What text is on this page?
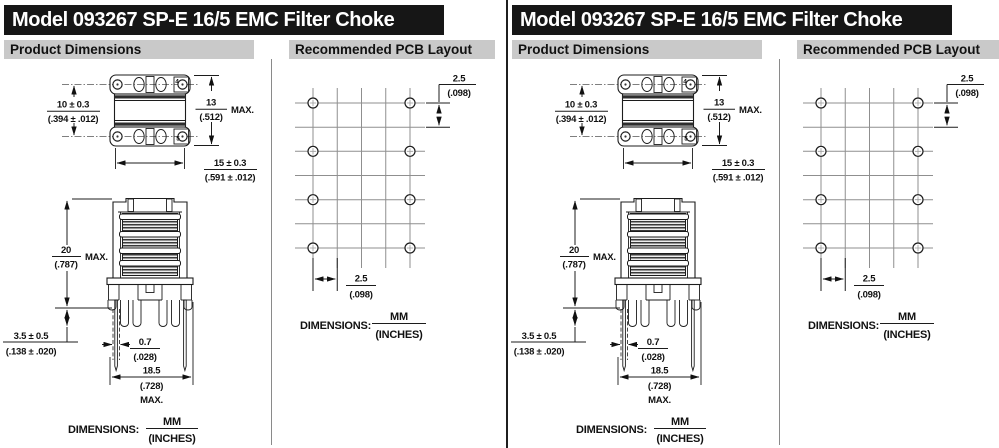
Model 093267 SP-E 16/5 EMC Filter Choke
Product Dimensions	Recommended PCB Layout
4
5
10 ± 0.3
(.394 ± .012)
13
(.512)
MAX.
15 ± 0.3
(.591 ± .012)
20
(.787)
MAX.
3.5 ± 0.5
(.138 ± .020)
0.7
(.028)
18.5
(.728)
MAX.
DIMENSIONS:
MM
(INCHES)
2.5
(.098)
2.5
(.098)
DIMENSIONS:
MM
(INCHES)
Model 093267 SP-E 16/5 EMC Filter Choke
Product Dimensions	Recommended PCB Layout
4
5
10 ± 0.3
(.394 ± .012)
13
(.512)
MAX.
15 ± 0.3
(.591 ± .012)
20
(.787)
MAX.
3.5 ± 0.5
(.138 ± .020)
0.7
(.028)
18.5
(.728)
MAX.
DIMENSIONS:
MM
(INCHES)
2.5
(.098)
2.5
(.098)
DIMENSIONS:
MM
(INCHES)
